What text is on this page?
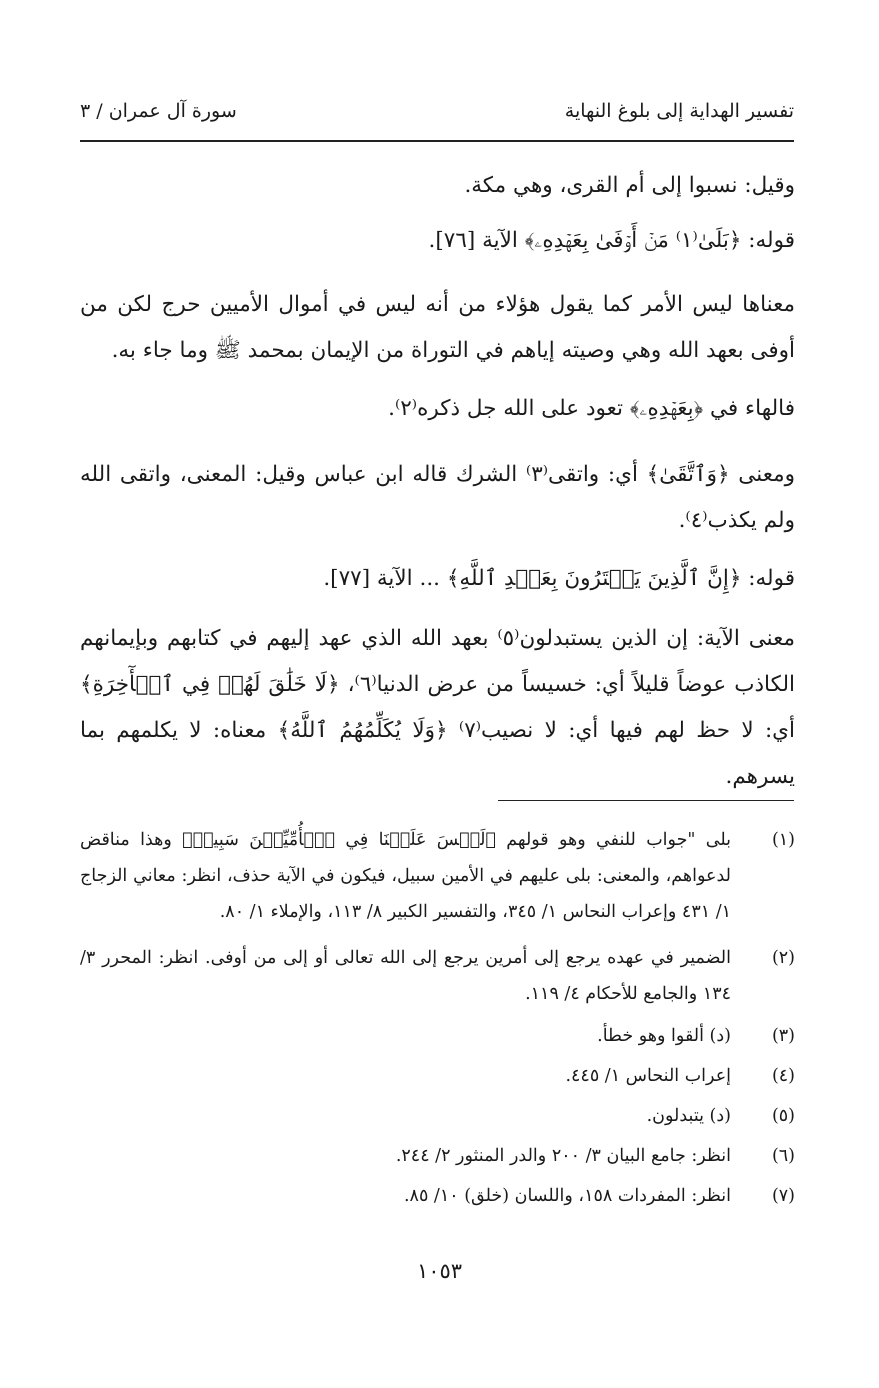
تفسير الهداية إلى بلوغ النهاية
سورة آل عمران / ٣
وقيل: نسبوا إلى أم القرى، وهي مكة.
قوله: ﴿بَلَىٰ⁽١⁾ مَنۡ أَوۡفَىٰ بِعَهۡدِهِۦ﴾ الآية [٧٦].
معناها ليس الأمر كما يقول هؤلاء من أنه ليس في أموال الأميين حرج لكن من أوفى بعهد الله وهي وصيته إياهم في التوراة من الإيمان بمحمد ﷺ وما جاء به.
فالهاء في ﴿بِعَهۡدِهِۦ﴾ تعود على الله جل ذكره⁽٢⁾.
ومعنى ﴿وَٱتَّقَىٰ﴾ أي: واتقى⁽٣⁾ الشرك قاله ابن عباس وقيل: المعنى، واتقى الله ولم يكذب⁽٤⁾.
قوله: ﴿إِنَّ ٱلَّذِينَ يَشۡتَرُونَ بِعَهۡدِ ٱللَّهِ﴾ ... الآية [٧٧].
معنى الآية: إن الذين يستبدلون⁽٥⁾ بعهد الله الذي عهد إليهم في كتابهم وبإيمانهم الكاذب عوضاً قليلاً أي: خسيساً من عرض الدنيا⁽٦⁾، ﴿لَا خَلَٰقَ لَهُمۡ فِي ٱلۡأٓخِرَةِ﴾ أي: لا حظ لهم فيها أي: لا نصيب⁽٧⁾ ﴿وَلَا يُكَلِّمُهُمُ ٱللَّهُ﴾ معناه: لا يكلمهم بما يسرهم.
(١)
بلى "جواب للنفي وهو قولهم ﴿لَيۡسَ عَلَيۡنَا فِي ٱلۡأُمِّيِّـۧنَ سَبِيلٞ﴾ وهذا مناقض لدعواهم، والمعنى: بلى عليهم في الأمين سبيل، فيكون في الآية حذف، انظر: معاني الزجاج ١/ ٤٣١ وإعراب النحاس ١/ ٣٤٥، والتفسير الكبير ٨/ ١١٣، والإملاء ١/ ٨٠.
(٢)
الضمير في عهده يرجع إلى أمرين يرجع إلى الله تعالى أو إلى من أوفى. انظر: المحرر ٣/ ١٣٤ والجامع للأحكام ٤/ ١١٩.
(٣)
(د) ألقوا وهو خطأ.
(٤)
إعراب النحاس ١/ ٤٤٥.
(٥)
(د) يتبدلون.
(٦)
انظر: جامع البيان ٣/ ٢٠٠ والدر المنثور ٢/ ٢٤٤.
(٧)
انظر: المفردات ١٥٨، واللسان (خلق) ١٠/ ٨٥.
١٠٥٣
